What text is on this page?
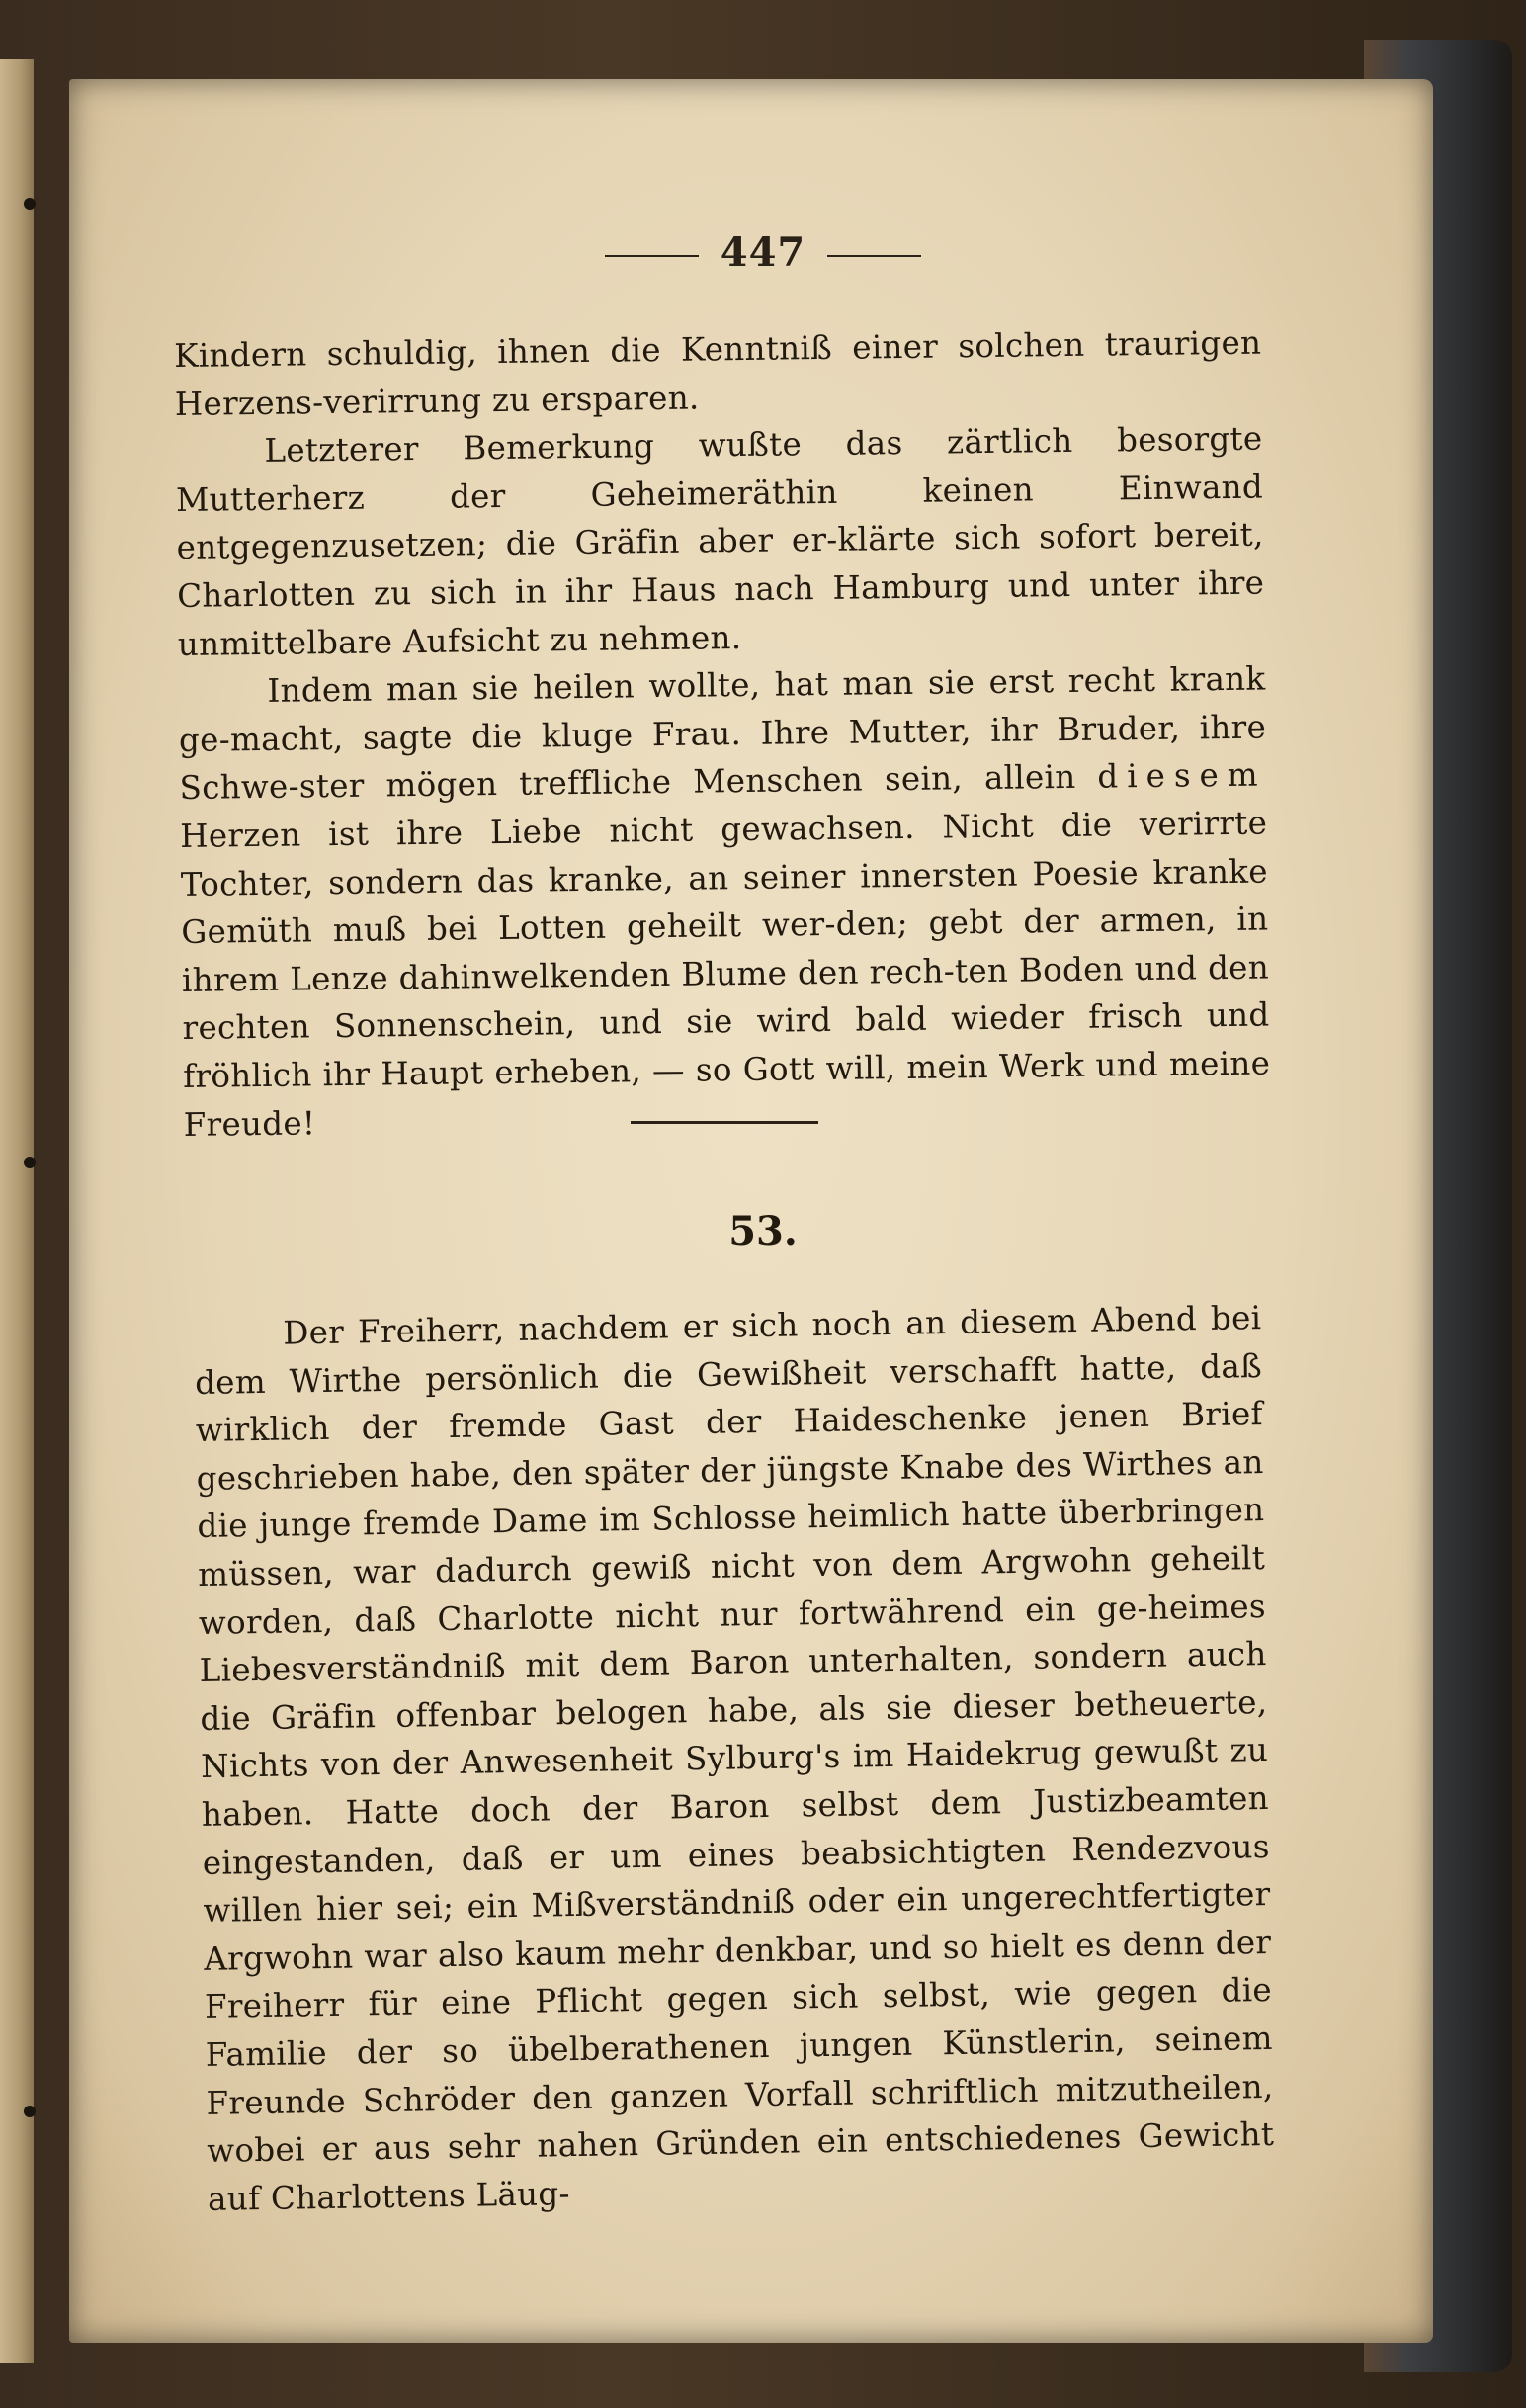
447

Kindern schuldig, ihnen die Kenntniß einer solchen traurigen Herzens-verirrung zu ersparen.

Letzterer Bemerkung wußte das zärtlich besorgte Mutterherz der Geheimeräthin keinen Einwand entgegenzusetzen; die Gräfin aber er-klärte sich sofort bereit, Charlotten zu sich in ihr Haus nach Hamburg und unter ihre unmittelbare Aufsicht zu nehmen.

Indem man sie heilen wollte, hat man sie erst recht krank ge-macht, sagte die kluge Frau. Ihre Mutter, ihr Bruder, ihre Schwe-ster mögen treffliche Menschen sein, allein diesem Herzen ist ihre Liebe nicht gewachsen. Nicht die verirrte Tochter, sondern das kranke, an seiner innersten Poesie kranke Gemüth muß bei Lotten geheilt wer-den; gebt der armen, in ihrem Lenze dahinwelkenden Blume den rech-ten Boden und den rechten Sonnenschein, und sie wird bald wieder frisch und fröhlich ihr Haupt erheben, — so Gott will, mein Werk und meine Freude!

53.

Der Freiherr, nachdem er sich noch an diesem Abend bei dem Wirthe persönlich die Gewißheit verschafft hatte, daß wirklich der fremde Gast der Haideschenke jenen Brief geschrieben habe, den später der jüngste Knabe des Wirthes an die junge fremde Dame im Schlosse heimlich hatte überbringen müssen, war dadurch gewiß nicht von dem Argwohn geheilt worden, daß Charlotte nicht nur fortwährend ein ge-heimes Liebesverständniß mit dem Baron unterhalten, sondern auch die Gräfin offenbar belogen habe, als sie dieser betheuerte, Nichts von der Anwesenheit Sylburg's im Haidekrug gewußt zu haben. Hatte doch der Baron selbst dem Justizbeamten eingestanden, daß er um eines beabsichtigten Rendezvous willen hier sei; ein Mißverständniß oder ein ungerechtfertigter Argwohn war also kaum mehr denkbar, und so hielt es denn der Freiherr für eine Pflicht gegen sich selbst, wie gegen die Familie der so übelberathenen jungen Künstlerin, seinem Freunde Schröder den ganzen Vorfall schriftlich mitzutheilen, wobei er aus sehr nahen Gründen ein entschiedenes Gewicht auf Charlottens Läug-
